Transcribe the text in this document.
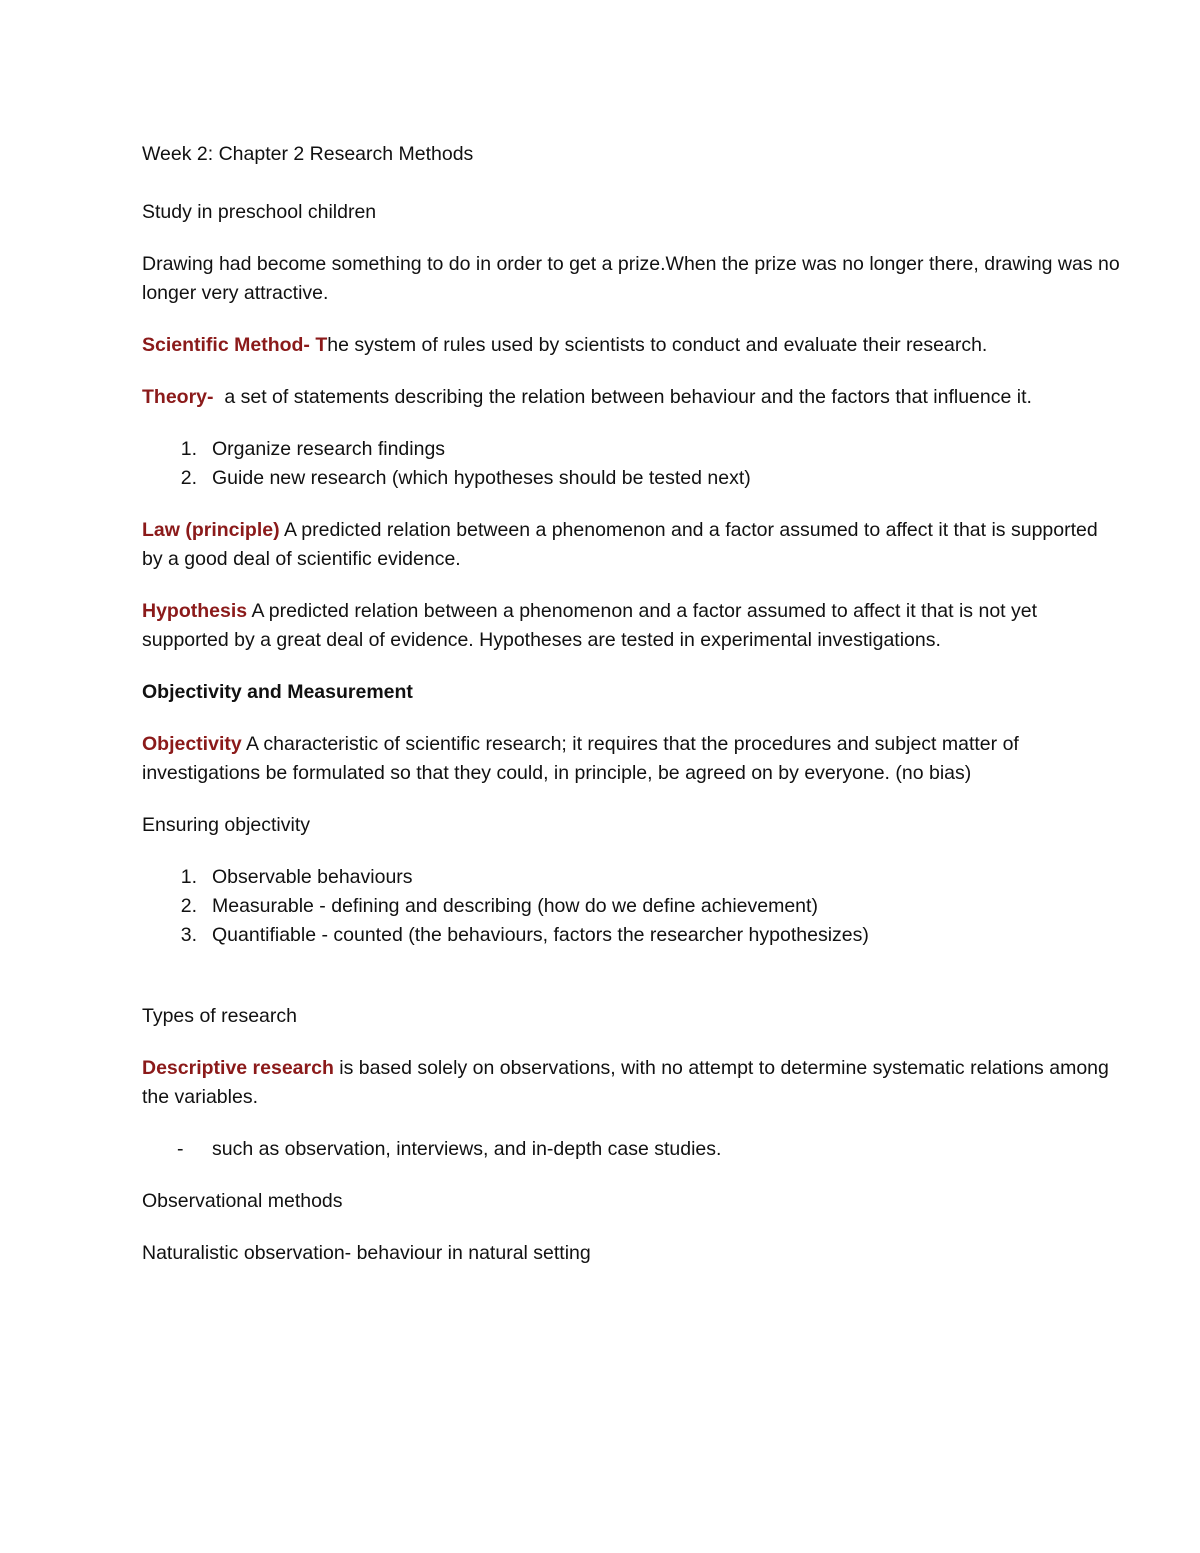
Week 2: Chapter 2 Research Methods

Study in preschool children

Drawing had become something to do in order to get a prize.When the prize was no longer there, drawing was no longer very attractive.

Scientific Method- The system of rules used by scientists to conduct and evaluate their research.

Theory-  a set of statements describing the relation between behaviour and the factors that influence it.

1. Organize research findings
2. Guide new research (which hypotheses should be tested next)

Law (principle) A predicted relation between a phenomenon and a factor assumed to affect it that is supported by a good deal of scientific evidence.

Hypothesis A predicted relation between a phenomenon and a factor assumed to affect it that is not yet supported by a great deal of evidence. Hypotheses are tested in experimental investigations.

Objectivity and Measurement

Objectivity A characteristic of scientific research; it requires that the procedures and subject matter of investigations be formulated so that they could, in principle, be agreed on by everyone. (no bias)

Ensuring objectivity

1. Observable behaviours
2. Measurable - defining and describing (how do we define achievement)
3. Quantifiable - counted (the behaviours, factors the researcher hypothesizes)

Types of research

Descriptive research is based solely on observations, with no attempt to determine systematic relations among the variables.

-	such as observation, interviews, and in-depth case studies.

Observational methods

Naturalistic observation- behaviour in natural setting
